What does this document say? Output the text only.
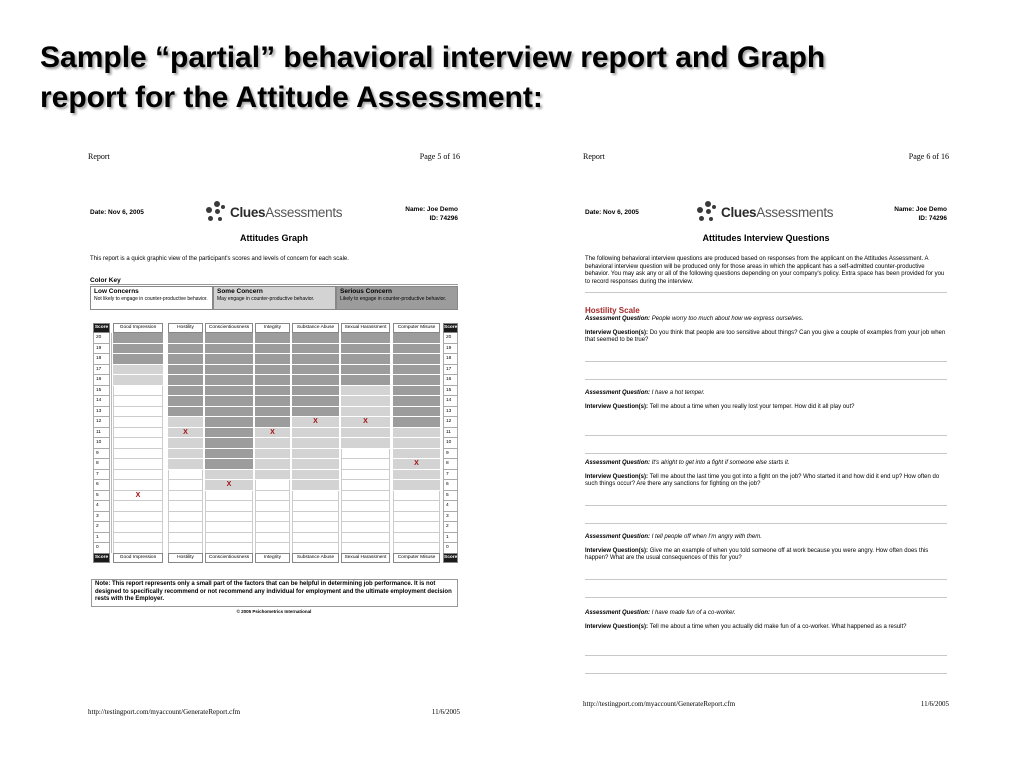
Sample “partial” behavioral interview report and Graph
report for the Attitude Assessment:
Report	Page 5 of 16
Date: Nov 6, 2005	CluesAssessments	Name: Joe Demo
ID: 74296
Attitudes Graph
This report is a quick graphic view of the participant's scores and levels of concern for each scale.
Color Key
Low Concerns
Not likely to engage in counter-productive behavior.
Some Concern
May engage in counter-productive behavior.
Serious Concern
Likely to engage in counter-productive behavior.
20
19
18
17
16
15
14
13
12
11
10
9
8
7
6
5
4
3
2
1
0
Score
Score
X
Good Impression
Good Impression
X
Hostility
Hostility
X
Conscientiousness
Conscientiousness
X
Integrity
Integrity
X
Substance Abuse
Substance Abuse
X
Sexual Harassment
Sexual Harassment
X
Computer Misuse
Computer Misuse
20
19
18
17
16
15
14
13
12
11
10
9
8
7
6
5
4
3
2
1
0
Score
Score
Note: This report represents only a small part of the factors that can be helpful in determining job performance. It is not designed to specifically recommend or not recommend any individual for employment and the ultimate employment decision rests with the Employer.
© 2005 Psichometrics International
http://testingport.com/myaccount/GenerateReport.cfm	11/6/2005
Report	Page 6 of 16
Date: Nov 6, 2005	CluesAssessments	Name: Joe Demo
ID: 74296
Attitudes Interview Questions
The following behavioral interview questions are produced based on responses from the applicant on the Attitudes Assessment. A behavioral interview question will be produced only for those areas in which the applicant has a self-admitted counter-productive behavior. You may ask any or all of the following questions depending on your company's policy. Extra space has been provided for you to record responses during the interview.
Hostility Scale
Assessment Question: People worry too much about how we express ourselves.
Interview Question(s): Do you think that people are too sensitive about things? Can you give a couple of examples from your job when that seemed to be true?
Assessment Question: I have a hot temper.
Interview Question(s): Tell me about a time when you really lost your temper. How did it all play out?
Assessment Question: It's alright to get into a fight if someone else starts it.
Interview Question(s): Tell me about the last time you got into a fight on the job? Who started it and how did it end up? How often do such things occur? Are there any sanctions for fighting on the job?
Assessment Question: I tell people off when I'm angry with them.
Interview Question(s): Give me an example of when you told someone off at work because you were angry. How often does this happen? What are the usual consequences of this for you?
Assessment Question: I have made fun of a co-worker.
Interview Question(s): Tell me about a time when you actually did make fun of a co-worker. What happened as a result?
http://testingport.com/myaccount/GenerateReport.cfm	11/6/2005
